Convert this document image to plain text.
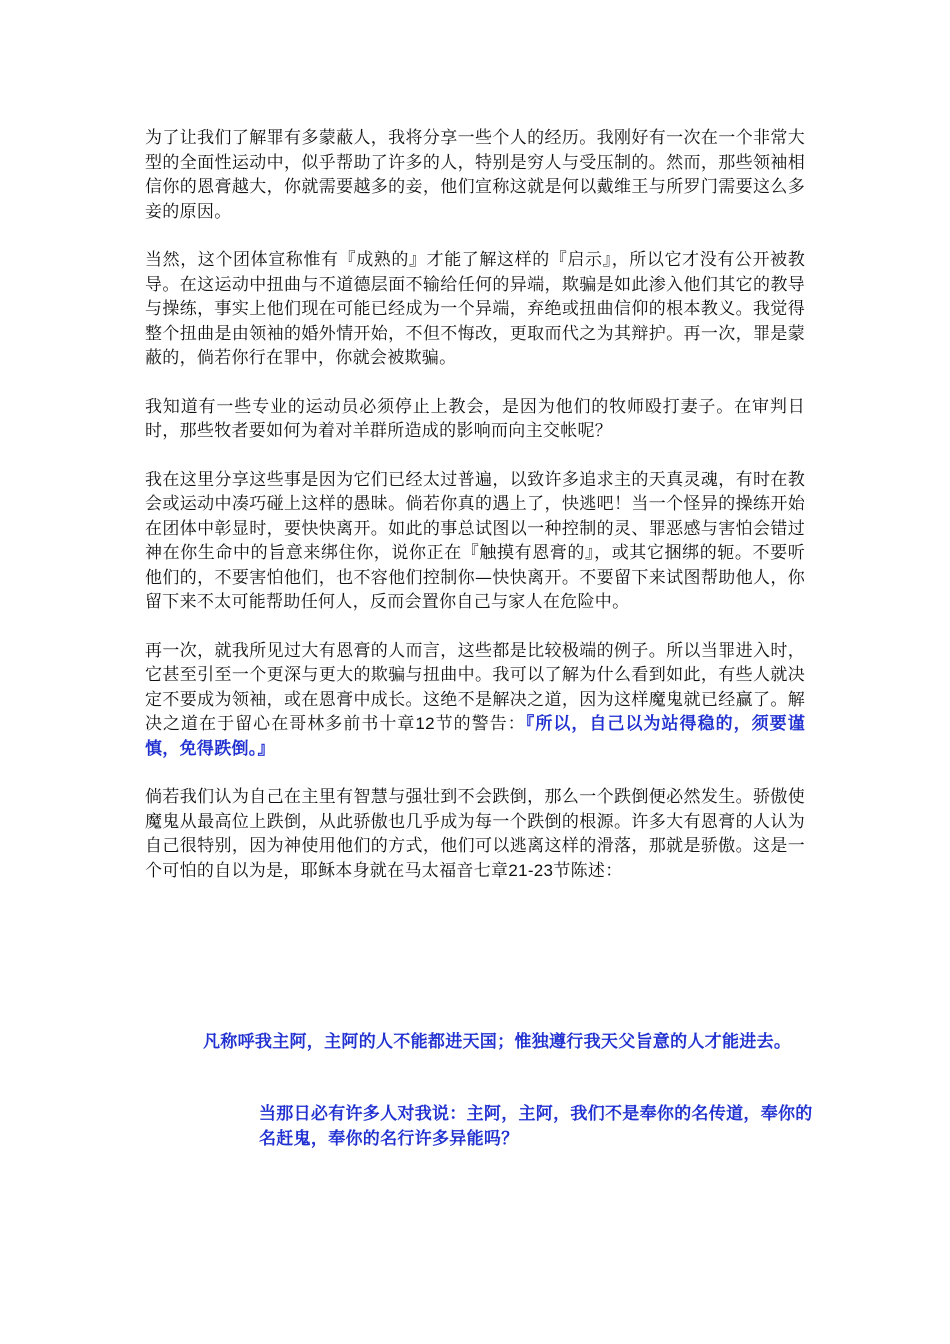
为了让我们了解罪有多蒙蔽人，我将分享一些个人的经历。我刚好有一次在一个非常大型的全面性运动中，似乎帮助了许多的人，特别是穷人与受压制的。然而，那些领袖相信你的恩膏越大，你就需要越多的妾，他们宣称这就是何以戴维王与所罗门需要这么多妾的原因。

当然，这个团体宣称惟有『成熟的』才能了解这样的『启示』，所以它才没有公开被教导。在这运动中扭曲与不道德层面不输给任何的异端，欺骗是如此渗入他们其它的教导与操练，事实上他们现在可能已经成为一个异端，弃绝或扭曲信仰的根本教义。我觉得整个扭曲是由领袖的婚外情开始，不但不悔改，更取而代之为其辩护。再一次，罪是蒙蔽的，倘若你行在罪中，你就会被欺骗。

我知道有一些专业的运动员必须停止上教会，是因为他们的牧师殴打妻子。在审判日时，那些牧者要如何为着对羊群所造成的影响而向主交帐呢？

我在这里分享这些事是因为它们已经太过普遍，以致许多追求主的天真灵魂，有时在教会或运动中凑巧碰上这样的愚昧。倘若你真的遇上了，快逃吧！当一个怪异的操练开始在团体中彰显时，要快快离开。如此的事总试图以一种控制的灵、罪恶感与害怕会错过神在你生命中的旨意来绑住你，说你正在『触摸有恩膏的』，或其它捆绑的轭。不要听他们的，不要害怕他们，也不容他们控制你—快快离开。不要留下来试图帮助他人，你留下来不太可能帮助任何人，反而会置你自己与家人在危险中。

再一次，就我所见过大有恩膏的人而言，这些都是比较极端的例子。所以当罪进入时，它甚至引至一个更深与更大的欺骗与扭曲中。我可以了解为什么看到如此，有些人就决定不要成为领袖，或在恩膏中成长。这绝不是解决之道，因为这样魔鬼就已经赢了。解决之道在于留心在哥林多前书十章12节的警告：『所以，自己以为站得稳的，须要谨慎，免得跌倒。』

倘若我们认为自己在主里有智慧与强壮到不会跌倒，那么一个跌倒便必然发生。骄傲使魔鬼从最高位上跌倒，从此骄傲也几乎成为每一个跌倒的根源。许多大有恩膏的人认为自己很特别，因为神使用他们的方式，他们可以逃离这样的滑落，那就是骄傲。这是一个可怕的自以为是，耶稣本身就在马太福音七章21-23节陈述：

凡称呼我主阿，主阿的人不能都进天国；惟独遵行我天父旨意的人才能进去。

当那日必有许多人对我说：主阿，主阿，我们不是奉你的名传道，奉你的名赶鬼，奉你的名行许多异能吗？
